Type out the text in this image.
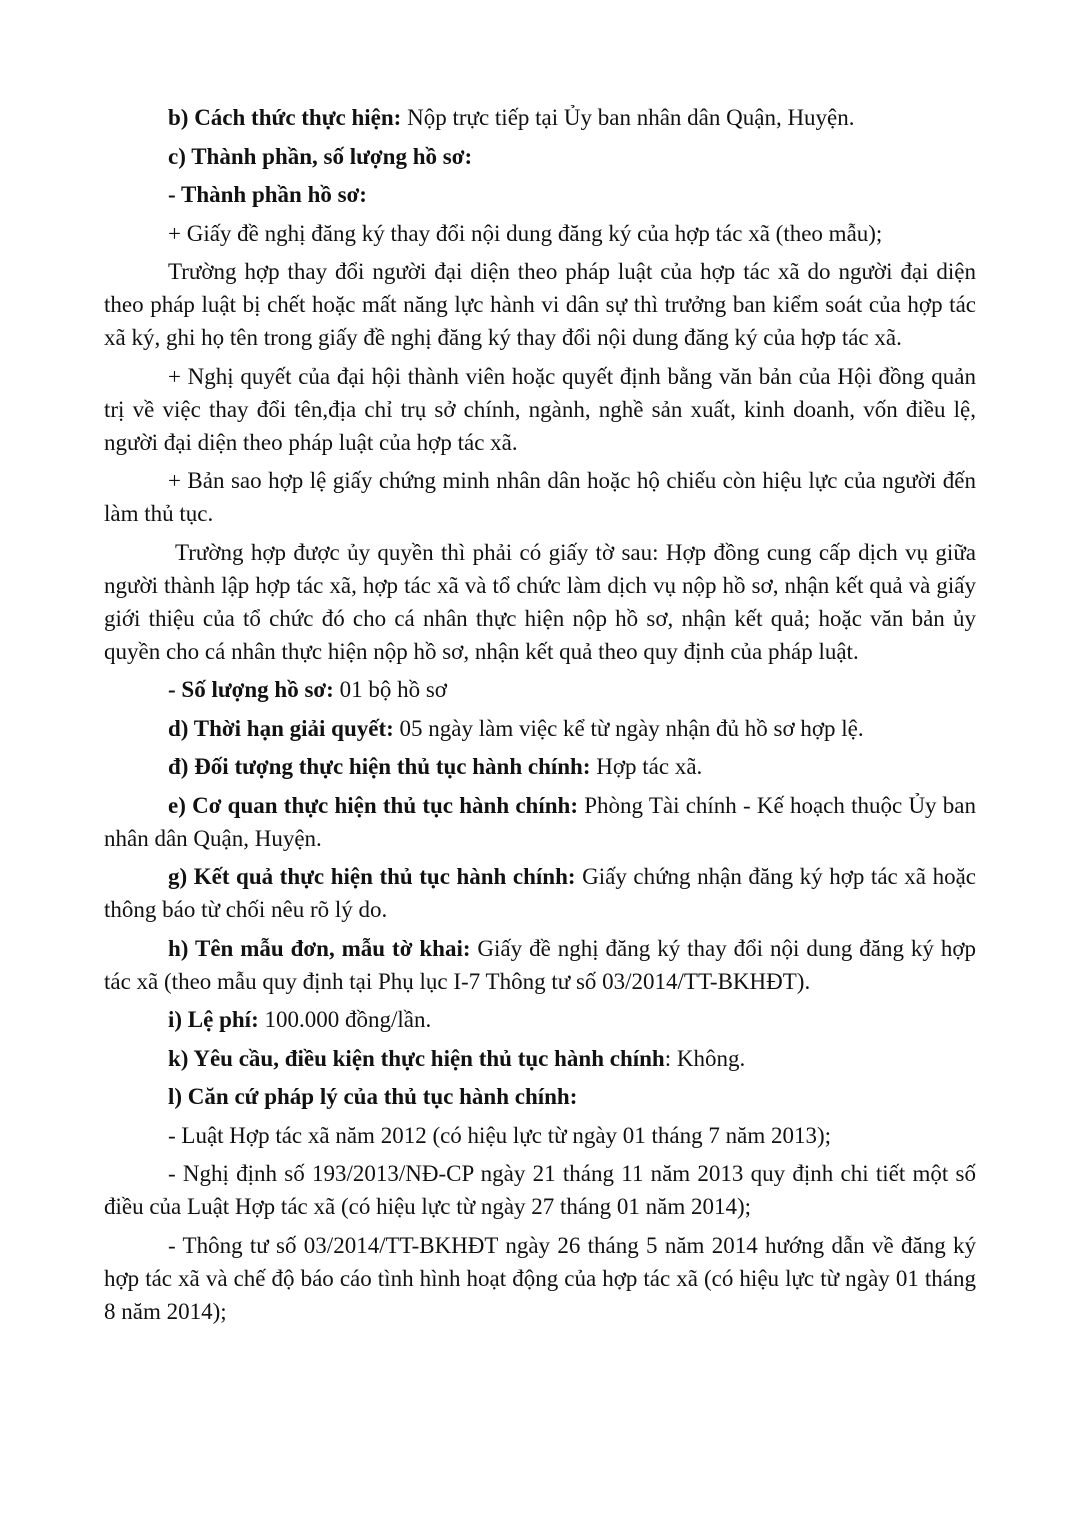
b) Cách thức thực hiện: Nộp trực tiếp tại Ủy ban nhân dân Quận, Huyện.

c) Thành phần, số lượng hồ sơ:

- Thành phần hồ sơ:

+ Giấy đề nghị đăng ký thay đổi nội dung đăng ký của hợp tác xã (theo mẫu);

Trường hợp thay đổi người đại diện theo pháp luật của hợp tác xã do người đại diện theo pháp luật bị chết hoặc mất năng lực hành vi dân sự thì trưởng ban kiểm soát của hợp tác xã ký, ghi họ tên trong giấy đề nghị đăng ký thay đổi nội dung đăng ký của hợp tác xã.

+ Nghị quyết của đại hội thành viên hoặc quyết định bằng văn bản của Hội đồng quản trị về việc thay đổi tên,địa chỉ trụ sở chính, ngành, nghề sản xuất, kinh doanh, vốn điều lệ, người đại diện theo pháp luật của hợp tác xã.

+ Bản sao hợp lệ giấy chứng minh nhân dân hoặc hộ chiếu còn hiệu lực của người đến làm thủ tục.

Trường hợp được ủy quyền thì phải có giấy tờ sau: Hợp đồng cung cấp dịch vụ giữa người thành lập hợp tác xã, hợp tác xã và tổ chức làm dịch vụ nộp hồ sơ, nhận kết quả và giấy giới thiệu của tổ chức đó cho cá nhân thực hiện nộp hồ sơ, nhận kết quả; hoặc văn bản ủy quyền cho cá nhân thực hiện nộp hồ sơ, nhận kết quả theo quy định của pháp luật.

- Số lượng hồ sơ: 01 bộ hồ sơ

d) Thời hạn giải quyết: 05 ngày làm việc kể từ ngày nhận đủ hồ sơ hợp lệ.

đ) Đối tượng thực hiện thủ tục hành chính: Hợp tác xã.

e) Cơ quan thực hiện thủ tục hành chính: Phòng Tài chính - Kế hoạch thuộc Ủy ban nhân dân Quận, Huyện.

g) Kết quả thực hiện thủ tục hành chính: Giấy chứng nhận đăng ký hợp tác xã hoặc thông báo từ chối nêu rõ lý do.

h) Tên mẫu đơn, mẫu tờ khai: Giấy đề nghị đăng ký thay đổi nội dung đăng ký hợp tác xã (theo mẫu quy định tại Phụ lục I-7 Thông tư số 03/2014/TT-BKHĐT).

i) Lệ phí: 100.000 đồng/lần.

k) Yêu cầu, điều kiện thực hiện thủ tục hành chính: Không.

l) Căn cứ pháp lý của thủ tục hành chính:

- Luật Hợp tác xã năm 2012 (có hiệu lực từ ngày 01 tháng 7 năm 2013);

- Nghị định số 193/2013/NĐ-CP ngày 21 tháng 11 năm 2013 quy định chi tiết một số điều của Luật Hợp tác xã (có hiệu lực từ ngày 27 tháng 01 năm 2014);

- Thông tư số 03/2014/TT-BKHĐT ngày 26 tháng 5 năm 2014 hướng dẫn về đăng ký hợp tác xã và chế độ báo cáo tình hình hoạt động của hợp tác xã (có hiệu lực từ ngày 01 tháng 8 năm 2014);
